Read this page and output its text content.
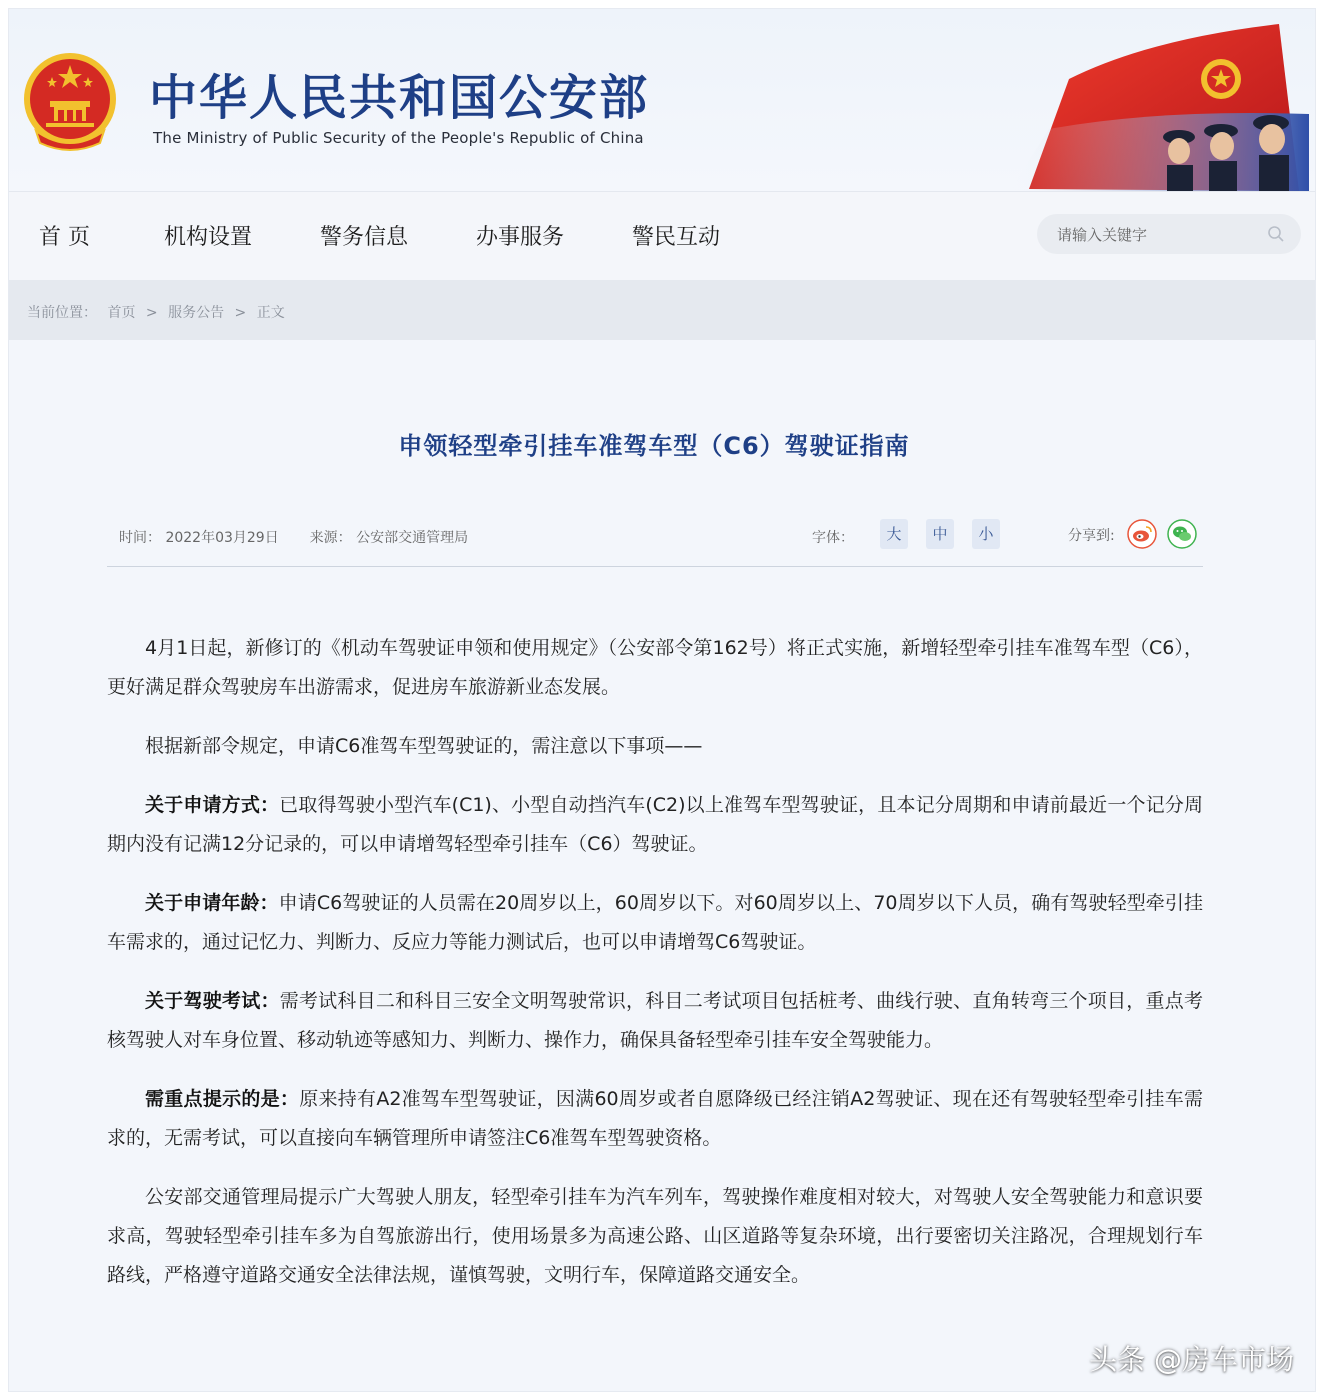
中华人民共和国公安部
The Ministry of Public Security of the People's Republic of China
首 页	机构设置	警务信息	办事服务	警民互动
请输入关键字
当前位置： 首页 > 服务公告 > 正文
申领轻型牵引挂车准驾车型（C6）驾驶证指南
时间： 2022年03月29日 来源： 公安部交通管理局	字体：	大	中	小	分享到:

4月1日起，新修订的《机动车驾驶证申领和使用规定》（公安部令第162号）将正式实施，新增轻型牵引挂车准驾车型（C6），更好满足群众驾驶房车出游需求，促进房车旅游新业态发展。

根据新部令规定，申请C6准驾车型驾驶证的，需注意以下事项——

关于申请方式：已取得驾驶小型汽车(C1)、小型自动挡汽车(C2)以上准驾车型驾驶证，且本记分周期和申请前最近一个记分周期内没有记满12分记录的，可以申请增驾轻型牵引挂车（C6）驾驶证。

关于申请年龄：申请C6驾驶证的人员需在20周岁以上，60周岁以下。对60周岁以上、70周岁以下人员，确有驾驶轻型牵引挂车需求的，通过记忆力、判断力、反应力等能力测试后，也可以申请增驾C6驾驶证。

关于驾驶考试：需考试科目二和科目三安全文明驾驶常识，科目二考试项目包括桩考、曲线行驶、直角转弯三个项目，重点考核驾驶人对车身位置、移动轨迹等感知力、判断力、操作力，确保具备轻型牵引挂车安全驾驶能力。

需重点提示的是：原来持有A2准驾车型驾驶证，因满60周岁或者自愿降级已经注销A2驾驶证、现在还有驾驶轻型牵引挂车需求的，无需考试，可以直接向车辆管理所申请签注C6准驾车型驾驶资格。

公安部交通管理局提示广大驾驶人朋友，轻型牵引挂车为汽车列车，驾驶操作难度相对较大，对驾驶人安全驾驶能力和意识要求高，驾驶轻型牵引挂车多为自驾旅游出行，使用场景多为高速公路、山区道路等复杂环境，出行要密切关注路况，合理规划行车路线，严格遵守道路交通安全法律法规，谨慎驾驶，文明行车，保障道路交通安全。

头条 @房车市场
